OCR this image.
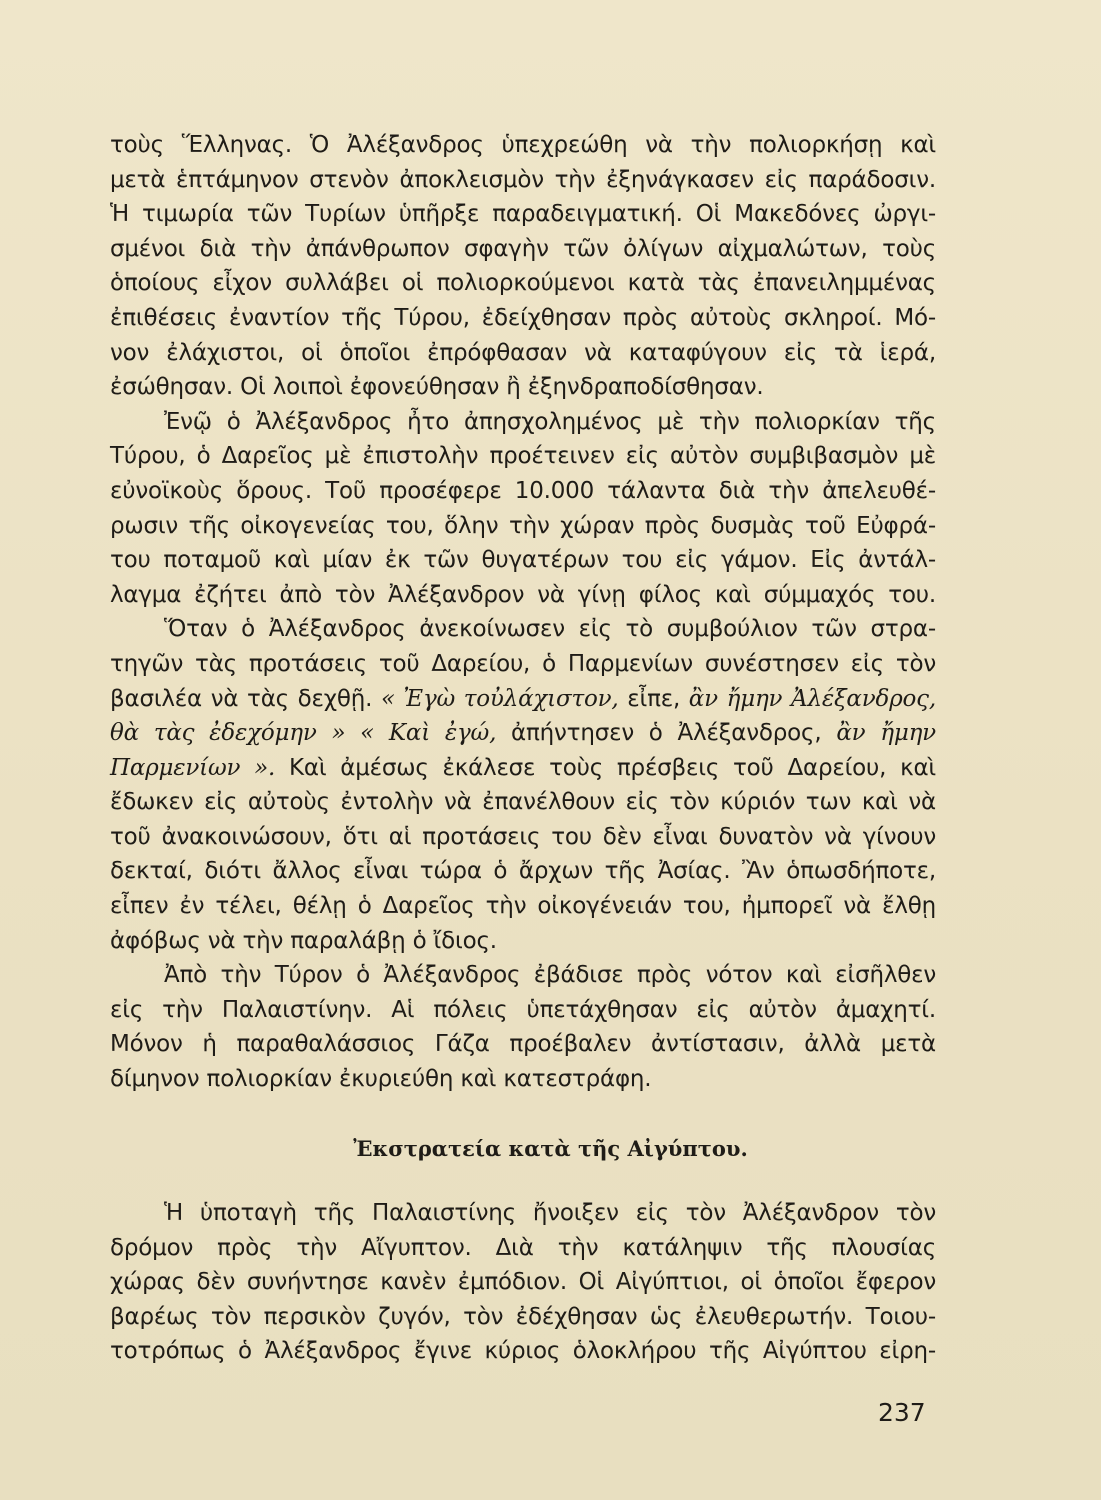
τοὺς Ἕλληνας. Ὁ Ἀλέξανδρος ὑπεχρεώθη νὰ τὴν πολιορκήσῃ καὶ
μετὰ ἑπτάμηνον στενὸν ἀποκλεισμὸν τὴν ἐξηνάγκασεν εἰς παράδοσιν.
Ἡ τιμωρία τῶν Τυρίων ὑπῆρξε παραδειγματική. Οἱ Μακεδόνες ὠργι-
σμένοι διὰ τὴν ἀπάνθρωπον σφαγὴν τῶν ὀλίγων αἰχμαλώτων, τοὺς
ὁποίους εἶχον συλλάβει οἱ πολιορκούμενοι κατὰ τὰς ἐπανειλημμένας
ἐπιθέσεις ἐναντίον τῆς Τύρου, ἐδείχθησαν πρὸς αὐτοὺς σκληροί. Μό-
νον ἐλάχιστοι, οἱ ὁποῖοι ἐπρόφθασαν νὰ καταφύγουν εἰς τὰ ἱερά,
ἐσώθησαν. Οἱ λοιποὶ ἐφονεύθησαν ἢ ἐξηνδραποδίσθησαν.
Ἐνῷ ὁ Ἀλέξανδρος ἦτο ἀπησχολημένος μὲ τὴν πολιορκίαν τῆς
Τύρου, ὁ Δαρεῖος μὲ ἐπιστολὴν προέτεινεν εἰς αὐτὸν συμβιβασμὸν μὲ
εὐνοϊκοὺς ὅρους. Τοῦ προσέφερε 10.000 τάλαντα διὰ τὴν ἀπελευθέ-
ρωσιν τῆς οἰκογενείας του, ὅλην τὴν χώραν πρὸς δυσμὰς τοῦ Εὐφρά-
του ποταμοῦ καὶ μίαν ἐκ τῶν θυγατέρων του εἰς γάμον. Εἰς ἀντάλ-
λαγμα ἐζήτει ἀπὸ τὸν Ἀλέξανδρον νὰ γίνῃ φίλος καὶ σύμμαχός του.
Ὅταν ὁ Ἀλέξανδρος ἀνεκοίνωσεν εἰς τὸ συμβούλιον τῶν στρα-
τηγῶν τὰς προτάσεις τοῦ Δαρείου, ὁ Παρμενίων συνέστησεν εἰς τὸν
βασιλέα νὰ τὰς δεχθῇ. « Ἐγὼ τοὐλάχιστον, εἶπε, ἂν ἤμην Ἀλέξανδρος,
θὰ τὰς ἐδεχόμην » « Καὶ ἐγώ, ἀπήντησεν ὁ Ἀλέξανδρος, ἂν ἤμην
Παρμενίων ». Καὶ ἀμέσως ἐκάλεσε τοὺς πρέσβεις τοῦ Δαρείου, καὶ
ἔδωκεν εἰς αὐτοὺς ἐντολὴν νὰ ἐπανέλθουν εἰς τὸν κύριόν των καὶ νὰ
τοῦ ἀνακοινώσουν, ὅτι αἱ προτάσεις του δὲν εἶναι δυνατὸν νὰ γίνουν
δεκταί, διότι ἄλλος εἶναι τώρα ὁ ἄρχων τῆς Ἀσίας. Ἂν ὁπωσδήποτε,
εἶπεν ἐν τέλει, θέλῃ ὁ Δαρεῖος τὴν οἰκογένειάν του, ἠμπορεῖ νὰ ἔλθῃ
ἀφόβως νὰ τὴν παραλάβῃ ὁ ἴδιος.
Ἀπὸ τὴν Τύρον ὁ Ἀλέξανδρος ἐβάδισε πρὸς νότον καὶ εἰσῆλθεν
εἰς τὴν Παλαιστίνην. Αἱ πόλεις ὑπετάχθησαν εἰς αὐτὸν ἀμαχητί.
Μόνον ἡ παραθαλάσσιος Γάζα προέβαλεν ἀντίστασιν, ἀλλὰ μετὰ
δίμηνον πολιορκίαν ἐκυριεύθη καὶ κατεστράφη.
Ἐκστρατεία κατὰ τῆς Αἰγύπτου.
Ἡ ὑποταγὴ τῆς Παλαιστίνης ἤνοιξεν εἰς τὸν Ἀλέξανδρον τὸν
δρόμον πρὸς τὴν Αἴγυπτον. Διὰ τὴν κατάληψιν τῆς πλουσίας
χώρας δὲν συνήντησε κανὲν ἐμπόδιον. Οἱ Αἰγύπτιοι, οἱ ὁποῖοι ἔφερον
βαρέως τὸν περσικὸν ζυγόν, τὸν ἐδέχθησαν ὡς ἐλευθερωτήν. Τοιου-
τοτρόπως ὁ Ἀλέξανδρος ἔγινε κύριος ὁλοκλήρου τῆς Αἰγύπτου εἰρη-
237
